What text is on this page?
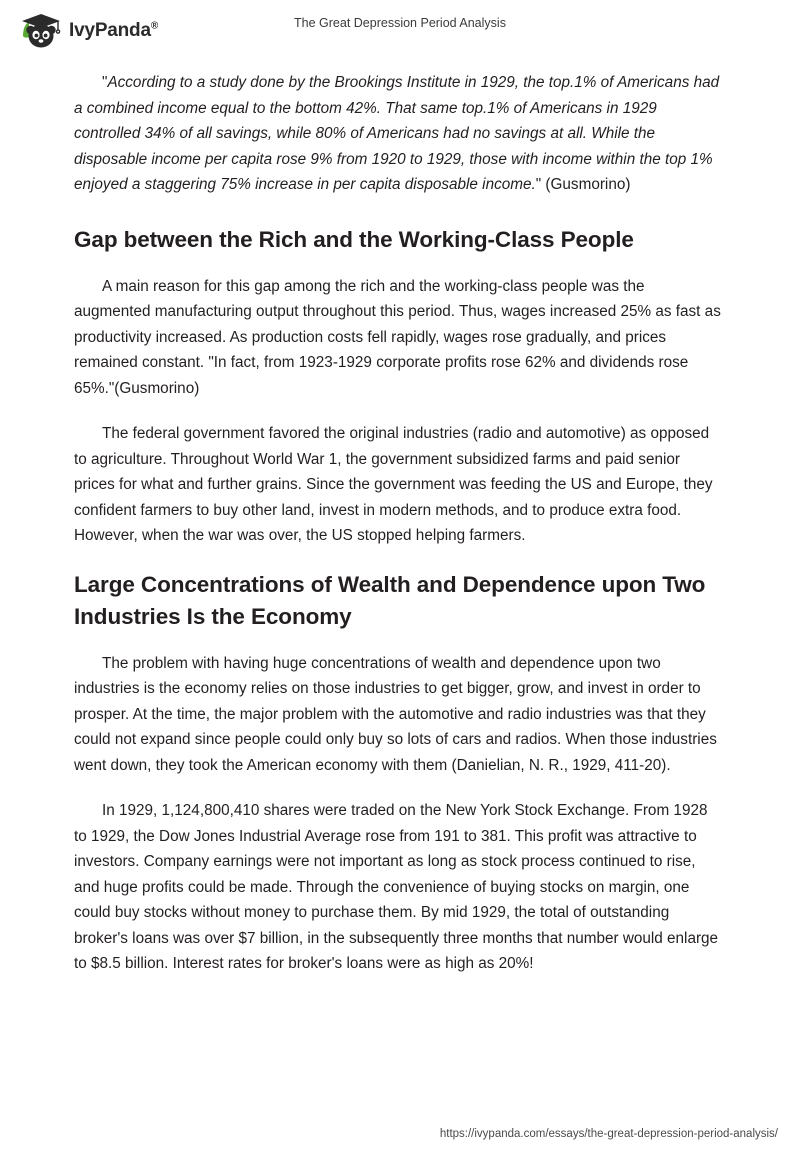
IvyPanda®	The Great Depression Period Analysis

"According to a study done by the Brookings Institute in 1929, the top.1% of Americans had a combined income equal to the bottom 42%. That same top.1% of Americans in 1929 controlled 34% of all savings, while 80% of Americans had no savings at all. While the disposable income per capita rose 9% from 1920 to 1929, those with income within the top 1% enjoyed a staggering 75% increase in per capita disposable income." (Gusmorino)

Gap between the Rich and the Working-Class People

A main reason for this gap among the rich and the working-class people was the augmented manufacturing output throughout this period. Thus, wages increased 25% as fast as productivity increased. As production costs fell rapidly, wages rose gradually, and prices remained constant. "In fact, from 1923-1929 corporate profits rose 62% and dividends rose 65%."(Gusmorino)

The federal government favored the original industries (radio and automotive) as opposed to agriculture. Throughout World War 1, the government subsidized farms and paid senior prices for what and further grains. Since the government was feeding the US and Europe, they confident farmers to buy other land, invest in modern methods, and to produce extra food. However, when the war was over, the US stopped helping farmers.

Large Concentrations of Wealth and Dependence upon Two Industries Is the Economy

The problem with having huge concentrations of wealth and dependence upon two industries is the economy relies on those industries to get bigger, grow, and invest in order to prosper. At the time, the major problem with the automotive and radio industries was that they could not expand since people could only buy so lots of cars and radios. When those industries went down, they took the American economy with them (Danielian, N. R., 1929, 411-20).

In 1929, 1,124,800,410 shares were traded on the New York Stock Exchange. From 1928 to 1929, the Dow Jones Industrial Average rose from 191 to 381. This profit was attractive to investors. Company earnings were not important as long as stock process continued to rise, and huge profits could be made. Through the convenience of buying stocks on margin, one could buy stocks without money to purchase them. By mid 1929, the total of outstanding broker's loans was over $7 billion, in the subsequently three months that number would enlarge to $8.5 billion. Interest rates for broker's loans were as high as 20%!

https://ivypanda.com/essays/the-great-depression-period-analysis/
